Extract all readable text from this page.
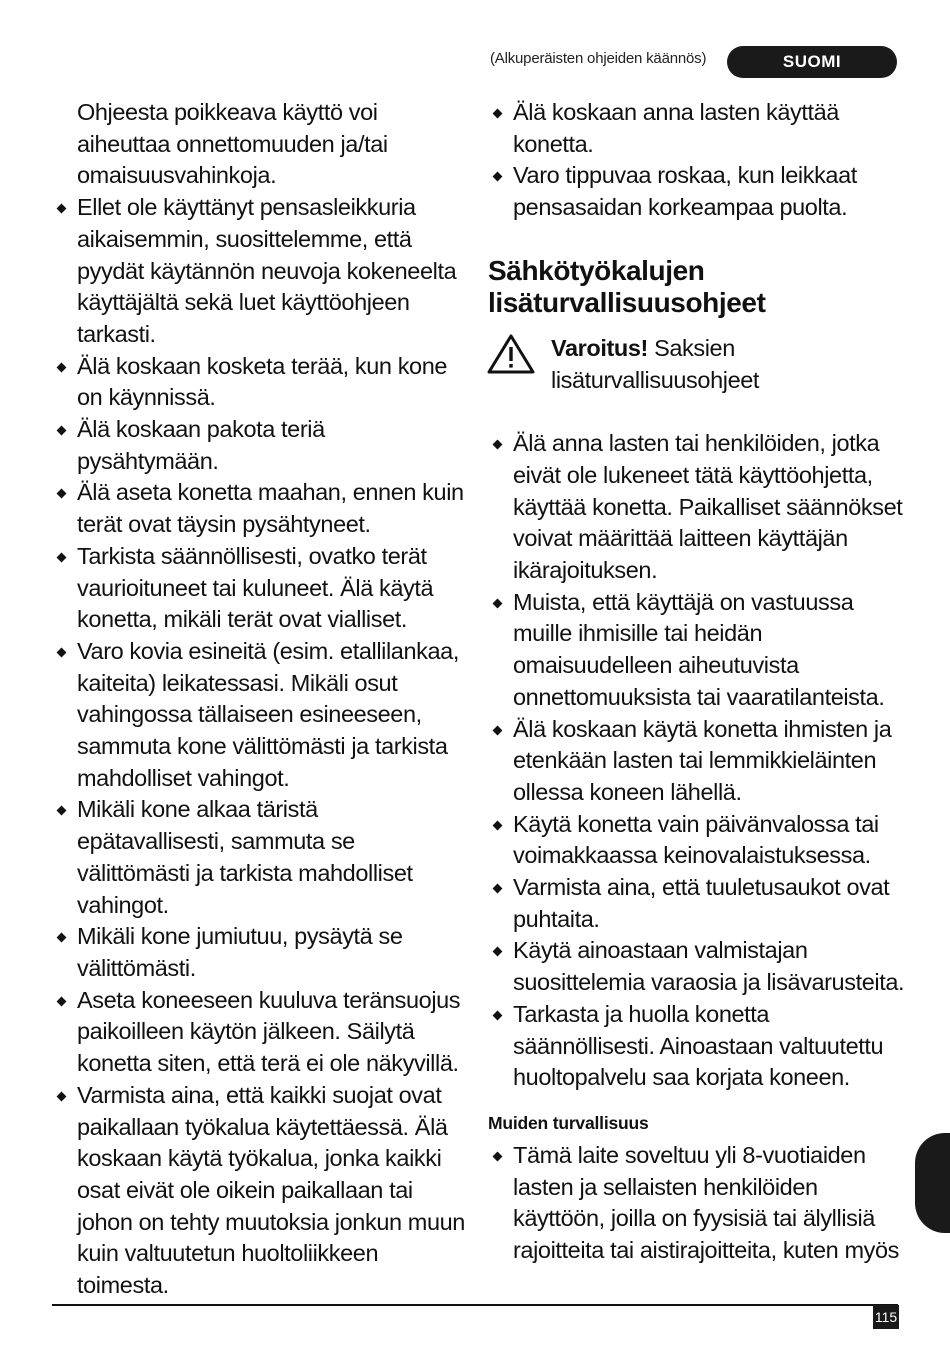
(Alkuperäisten ohjeiden käännös)	SUOMI

Ohjeesta poikkeava käyttö voi aiheuttaa onnettomuuden ja/tai omaisuusvahinkoja.

Ellet ole käyttänyt pensasleikkuria aikaisemmin, suosittelemme, että pyydät käytännön neuvoja kokeneelta käyttäjältä sekä luet käyttöohjeen tarkasti.
Älä koskaan kosketa terää, kun kone on käynnissä.
Älä koskaan pakota teriä pysähtymään.
Älä aseta konetta maahan, ennen kuin terät ovat täysin pysähtyneet.
Tarkista säännöllisesti, ovatko terät vaurioituneet tai kuluneet. Älä käytä konetta, mikäli terät ovat vialliset.
Varo kovia esineitä (esim. etallilankaa, kaiteita) leikatessasi. Mikäli osut vahingossa tällaiseen esineeseen, sammuta kone välittömästi ja tarkista mahdolliset vahingot.
Mikäli kone alkaa täristä epätavallisesti, sammuta se välittömästi ja tarkista mahdolliset vahingot.
Mikäli kone jumiutuu, pysäytä se välittömästi.
Aseta koneeseen kuuluva teränsuojus paikoilleen käytön jälkeen. Säilytä konetta siten, että terä ei ole näkyvillä.
Varmista aina, että kaikki suojat ovat paikallaan työkalua käytettäessä. Älä koskaan käytä työkalua, jonka kaikki osat eivät ole oikein paikallaan tai johon on tehty muutoksia jonkun muun kuin valtuutetun huoltoliikkeen toimesta.
Älä koskaan anna lasten käyttää konetta.
Varo tippuvaa roskaa, kun leikkaat pensasaidan korkeampaa puolta.
Sähkötyökalujen
lisäturvallisuusohjeet
Varoitus! Saksien lisäturvallisuusohjeet
Älä anna lasten tai henkilöiden, jotka eivät ole lukeneet tätä käyttöohjetta, käyttää konetta. Paikalliset säännökset voivat määrittää laitteen käyttäjän ikärajoituksen.
Muista, että käyttäjä on vastuussa muille ihmisille tai heidän omaisuudelleen aiheutuvista onnettomuuksista tai vaaratilanteista.
Älä koskaan käytä konetta ihmisten ja etenkään lasten tai lemmikkieläinten ollessa koneen lähellä.
Käytä konetta vain päivänvalossa tai voimakkaassa keinovalaistuksessa.
Varmista aina, että tuuletusaukot ovat puhtaita.
Käytä ainoastaan valmistajan suosittelemia varaosia ja lisävarusteita.
Tarkasta ja huolla konetta säännöllisesti. Ainoastaan valtuutettu huoltopalvelu saa korjata koneen.
Muiden turvallisuus
Tämä laite soveltuu yli 8-vuotiaiden lasten ja sellaisten henkilöiden käyttöön, joilla on fyysisiä tai älyllisiä rajoitteita tai aistirajoitteita, kuten myös
115
